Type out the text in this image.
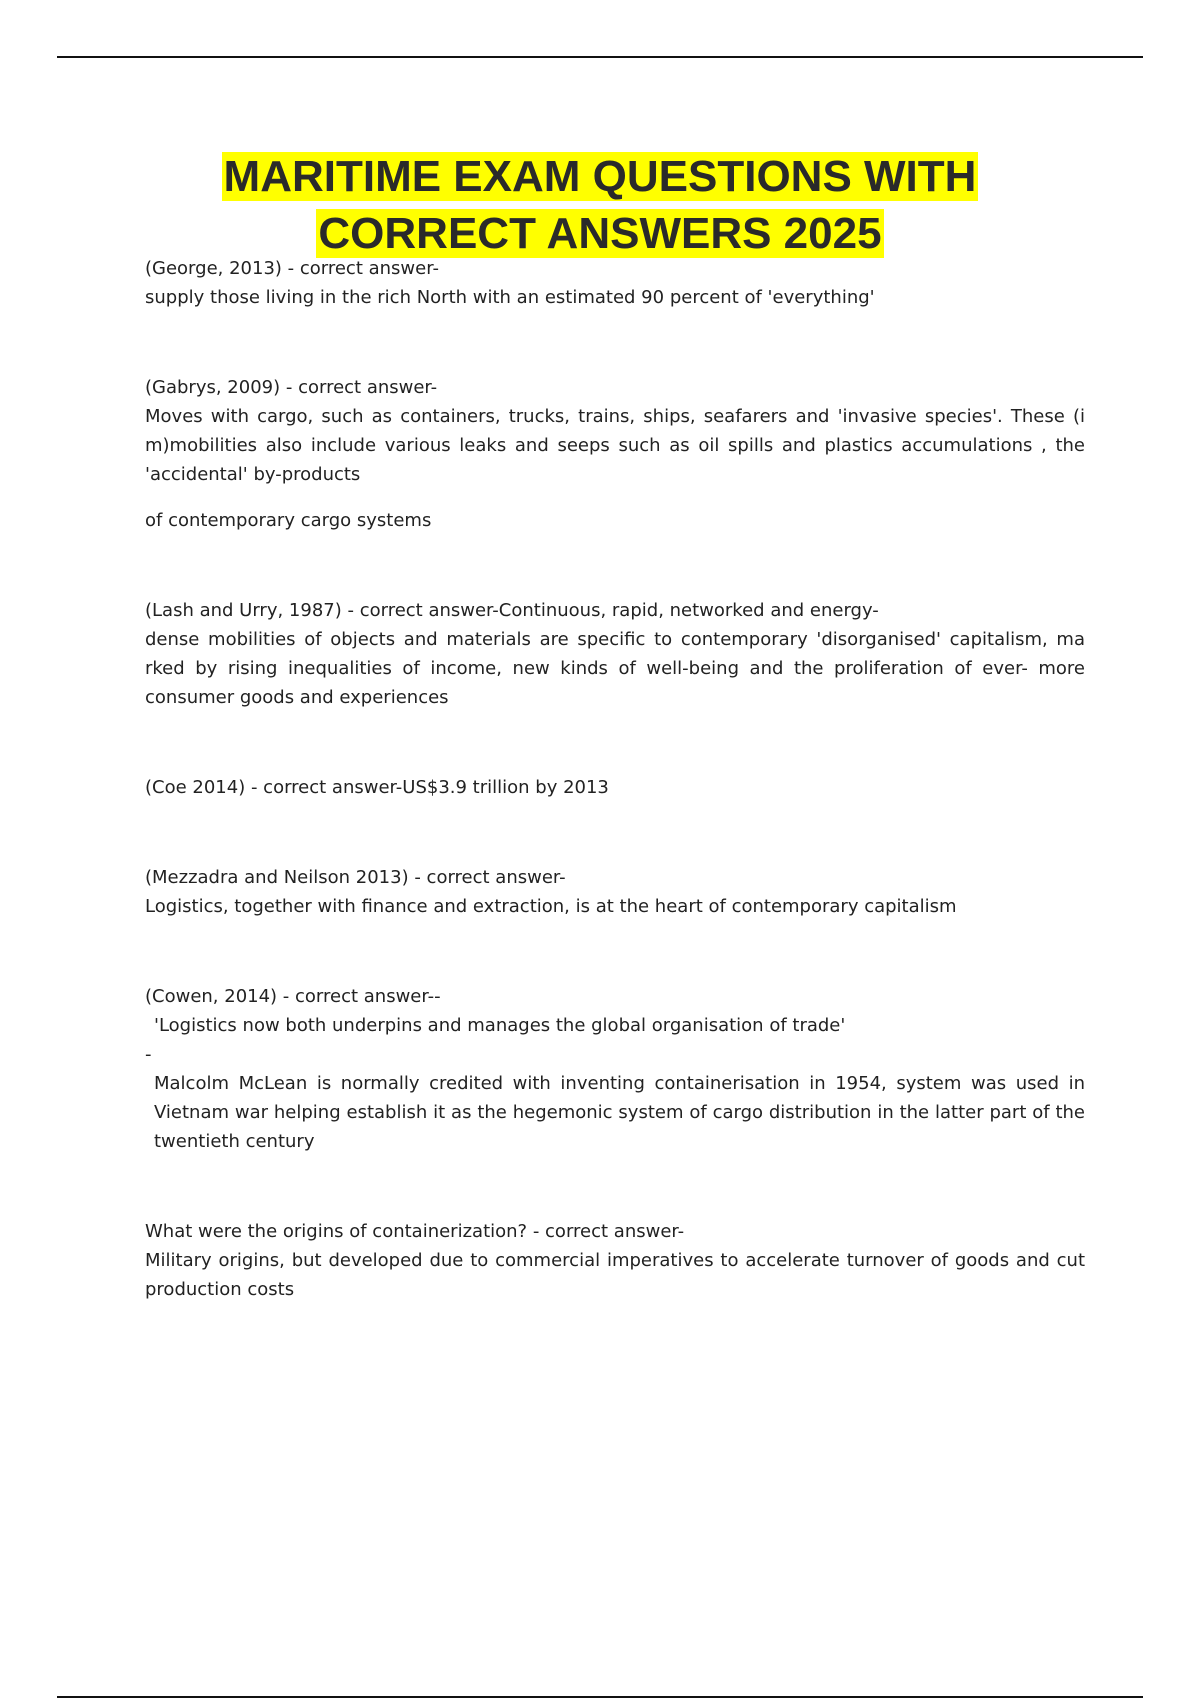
MARITIME EXAM QUESTIONS WITH
CORRECT ANSWERS 2025

(George, 2013) - correct answer-

supply those living in the rich North with an estimated 90 percent of 'everything'

(Gabrys, 2009) - correct answer-

Moves with cargo, such as containers, trucks, trains, ships, seafarers and 'invasive species'. These (i m)mobilities also include various leaks and seeps such as oil spills and plastics accumulations , the 'accidental' by-products

of contemporary cargo systems

(Lash and Urry, 1987) - correct answer-Continuous, rapid, networked and energy-

dense mobilities of objects and materials are specific to contemporary 'disorganised' capitalism, ma rked by rising inequalities of income, new kinds of well-being and the proliferation of ever- more consumer goods and experiences

(Coe 2014) - correct answer-US$3.9 trillion by 2013

(Mezzadra and Neilson 2013) - correct answer-

Logistics, together with finance and extraction, is at the heart of contemporary capitalism

(Cowen, 2014) - correct answer--

'Logistics now both underpins and manages the global organisation of trade'

-

Malcolm McLean is normally credited with inventing containerisation in 1954, system was used in Vietnam war helping establish it as the hegemonic system of cargo distribution in the latter part of the twentieth century

What were the origins of containerization? - correct answer-

Military origins, but developed due to commercial imperatives to accelerate turnover of goods and cut production costs
